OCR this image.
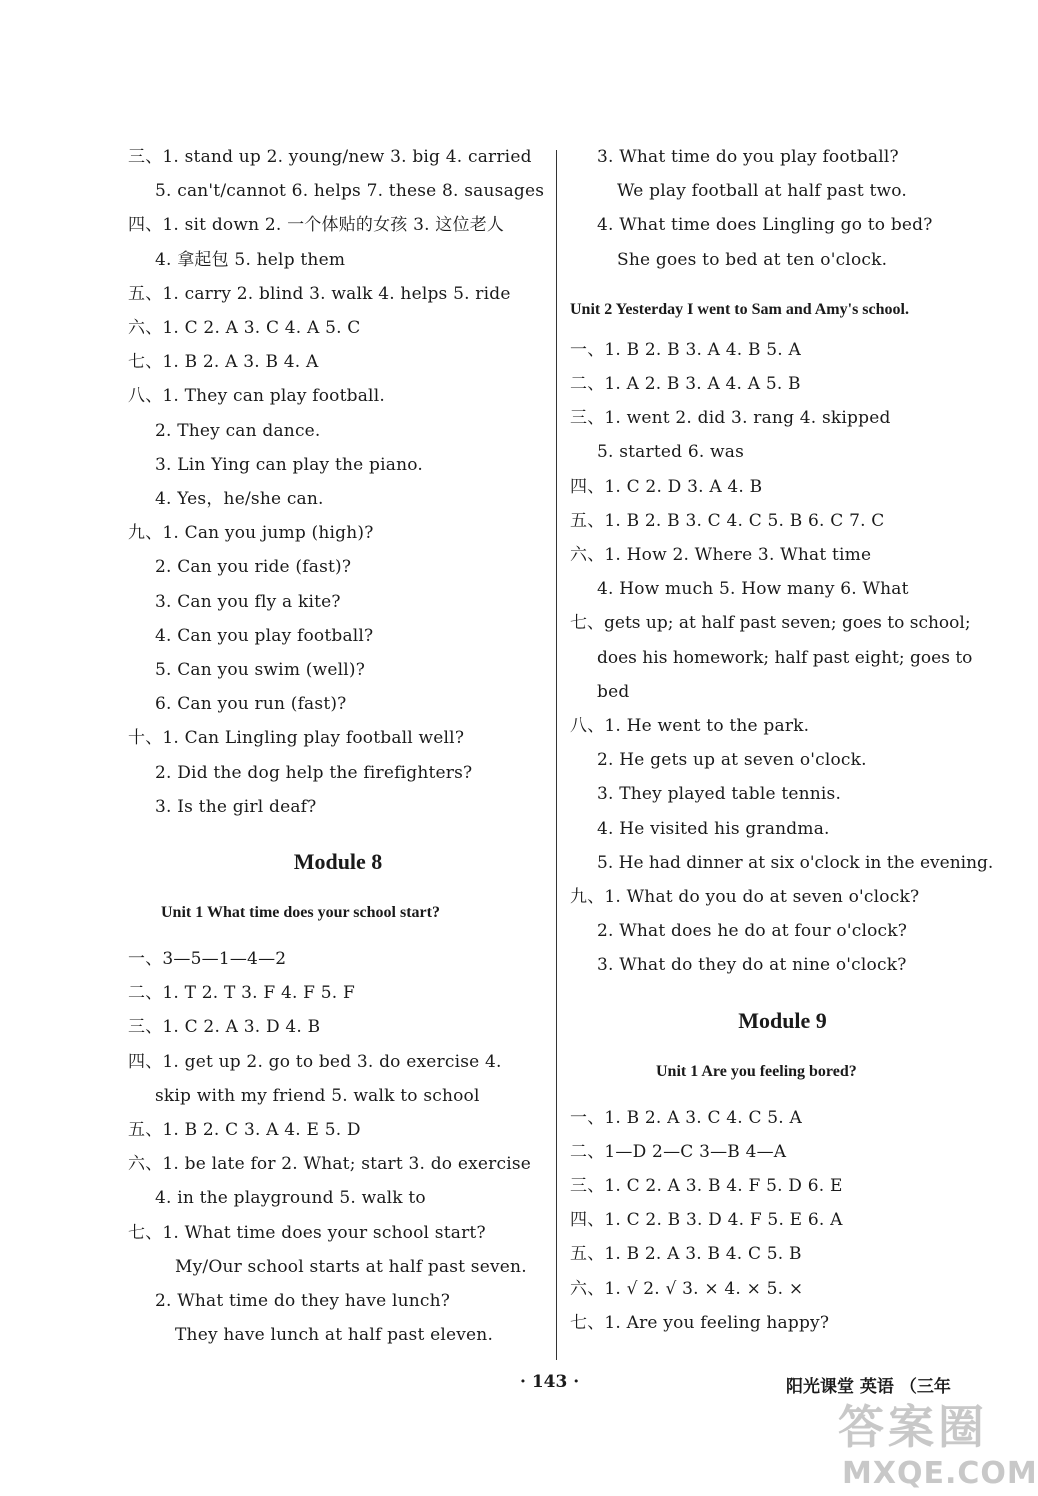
三、1. stand up 2. young/new 3. big 4. carried
5. can't/cannot 6. helps 7. these 8. sausages
四、1. sit down 2. 一个体贴的女孩 3. 这位老人
4. 拿起包 5. help them
五、1. carry 2. blind 3. walk 4. helps 5. ride
六、1. C 2. A 3. C 4. A 5. C
七、1. B 2. A 3. B 4. A
八、1. They can play football.
2. They can dance.
3. Lin Ying can play the piano.
4. Yes，he/she can.
九、1. Can you jump (high)?
2. Can you ride (fast)?
3. Can you fly a kite?
4. Can you play football?
5. Can you swim (well)?
6. Can you run (fast)?
十、1. Can Lingling play football well?
2. Did the dog help the firefighters?
3. Is the girl deaf?
Module 8
Unit 1 What time does your school start?
一、3—5—1—4—2
二、1. T 2. T 3. F 4. F 5. F
三、1. C 2. A 3. D 4. B
四、1. get up 2. go to bed 3. do exercise 4.
skip with my friend 5. walk to school
五、1. B 2. C 3. A 4. E 5. D
六、1. be late for 2. What; start 3. do exercise
4. in the playground 5. walk to
七、1. What time does your school start?
My/Our school starts at half past seven.
2. What time do they have lunch?
They have lunch at half past eleven.
3. What time do you play football?
We play football at half past two.
4. What time does Lingling go to bed?
She goes to bed at ten o'clock.
Unit 2 Yesterday I went to Sam and Amy's school.
一、1. B 2. B 3. A 4. B 5. A
二、1. A 2. B 3. A 4. A 5. B
三、1. went 2. did 3. rang 4. skipped
5. started 6. was
四、1. C 2. D 3. A 4. B
五、1. B 2. B 3. C 4. C 5. B 6. C 7. C
六、1. How 2. Where 3. What time
4. How much 5. How many 6. What
七、gets up; at half past seven; goes to school;
does his homework; half past eight; goes to
bed
八、1. He went to the park.
2. He gets up at seven o'clock.
3. They played table tennis.
4. He visited his grandma.
5. He had dinner at six o'clock in the evening.
九、1. What do you do at seven o'clock?
2. What does he do at four o'clock?
3. What do they do at nine o'clock?
Module 9
Unit 1 Are you feeling bored?
一、1. B 2. A 3. C 4. C 5. A
二、1—D 2—C 3—B 4—A
三、1. C 2. A 3. B 4. F 5. D 6. E
四、1. C 2. B 3. D 4. F 5. E 6. A
五、1. B 2. A 3. B 4. C 5. B
六、1. √ 2. √ 3. × 4. × 5. ×
七、1. Are you feeling happy?
· 143 ·	阳光课堂 英语 （三年
答案圈
MXQE.COM
